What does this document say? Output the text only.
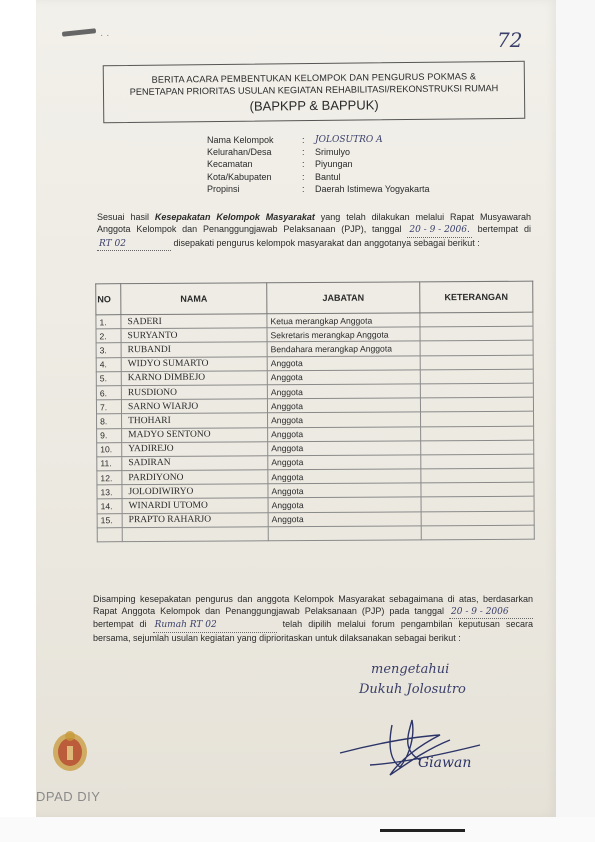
· ·	72
BERITA ACARA PEMBENTUKAN KELOMPOK DAN PENGURUS POKMAS &
PENETAPAN PRIORITAS USULAN KEGIATAN REHABILITASI/REKONSTRUKSI RUMAH
(BAPKPP & BAPPUK)
Nama Kelompok	:	JOLOSUTRO A
Kelurahan/Desa	:	Srimulyo
Kecamatan	:	Piyungan
Kota/Kabupaten	:	Bantul
Propinsi	:	Daerah Istimewa Yogyakarta
Sesuai hasil Kesepakatan Kelompok Masyarakat yang telah dilakukan melalui Rapat Musyawarah Anggota Kelompok dan Penanggungjawab Pelaksanaan (PJP), tanggal 20 - 9 - 2006. bertempat di RT 02	disepakati pengurus kelompok masyarakat dan anggotanya sebagai berikut :
NO	NAMA	JABATAN	KETERANGAN
1.	SADERI	Ketua merangkap Anggota	
2.	SURYANTO	Sekretaris merangkap Anggota	
3.	RUBANDI	Bendahara merangkap Anggota	
4.	WIDYO SUMARTO	Anggota	
5.	KARNO DIMBEJO	Anggota	
6.	RUSDIONO	Anggota	
7.	SARNO WIARJO	Anggota	
8.	THOHARI	Anggota	
9.	MADYO SENTONO	Anggota	
10.	YADIREJO	Anggota	
11.	SADIRAN	Anggota	
12.	PARDIYONO	Anggota	
13.	JOLODIWIRYO	Anggota	
14.	WINARDI UTOMO	Anggota	
15.	PRAPTO RAHARJO	Anggota	

Disamping kesepakatan pengurus dan anggota Kelompok Masyarakat sebagaimana di atas, berdasarkan Rapat Anggota Kelompok dan Penanggungjawab Pelaksanaan (PJP) pada tanggal 20 - 9 - 2006 bertempat di Rumah RT 02	telah dipilih melalui forum pengambilan keputusan secara bersama, sejumlah usulan kegiatan yang diprioritaskan untuk dilaksanakan sebagai berikut :
mengetahui
Dukuh Jolosutro
Giawan
DPAD DIY
